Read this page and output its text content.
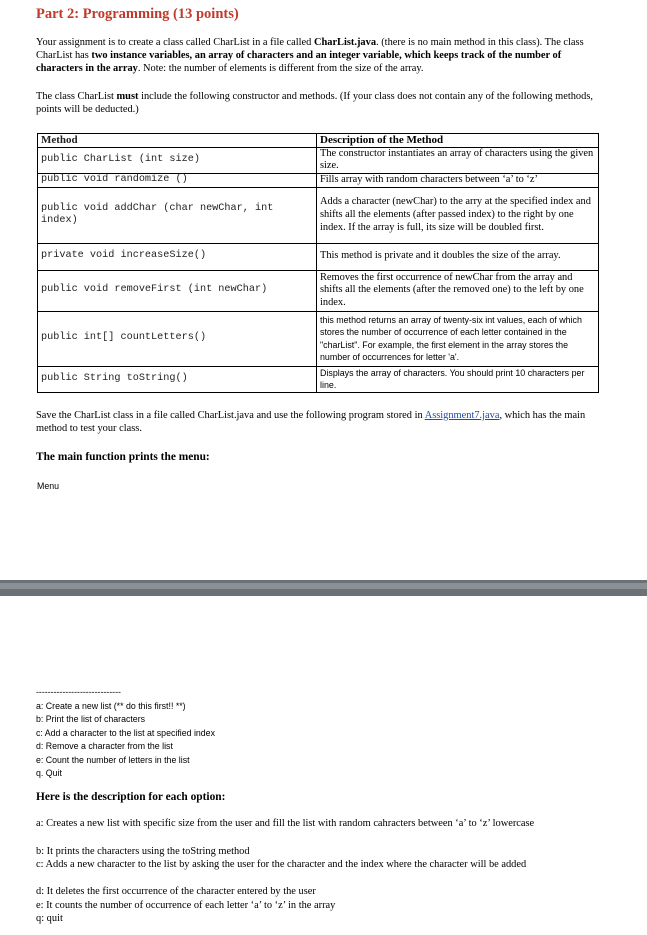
Part 2: Programming (13 points)
Your assignment is to create a class called CharList in a file called CharList.java. (there is no main method in this class). The class CharList has two instance variables, an array of characters and an integer variable, which keeps track of the number of characters in the array. Note: the number of elements is different from the size of the array.
The class CharList must include the following constructor and methods. (If your class does not contain any of the following methods, points will be deducted.)
Method	Description of the Method
public CharList (int size)	The constructor instantiates an array of characters using the given size.
public void randomize ()	Fills array with random characters between ‘a’ to ‘z’
public void addChar (char newChar, int index)	Adds a character (newChar) to the arry at the specified index and shifts all the elements (after passed index) to the right by one index. If the array is full, its size will be doubled first.
private void increaseSize()	This method is private and it doubles the size of the array.
public void removeFirst (int newChar)	Removes the first occurrence of newChar from the array and shifts all the elements (after the removed one) to the left by one index.
public int[] countLetters()	this method returns an array of twenty-six int values, each of which stores the number of occurrence of each letter contained in the "charList". For example, the first element in the array stores the number of occurrences for letter 'a'.
public String toString()	Displays the array of characters. You should print 10 characters per line.
Save the CharList class in a file called CharList.java and use the following program stored in Assignment7.java, which has the main method to test your class.
The main function prints the menu:
Menu
-----------------------------
a: Create a new list (** do this first!! **)
b: Print the list of characters
c: Add a character to the list at specified index
d: Remove a character from the list
e: Count the number of letters in the list
q. Quit
Here is the description for each option:
a: Creates a new list with specific size from the user and fill the list with random cahracters between ‘a’ to ‘z’ lowercase
b: It prints the characters using the toString method
c: Adds a new character to the list by asking the user for the character and the index where the character will be added
d: It deletes the first occurrence of the character entered by the user
e: It counts the number of occurrence of each letter ‘a’ to ‘z’ in the array
q: quit
